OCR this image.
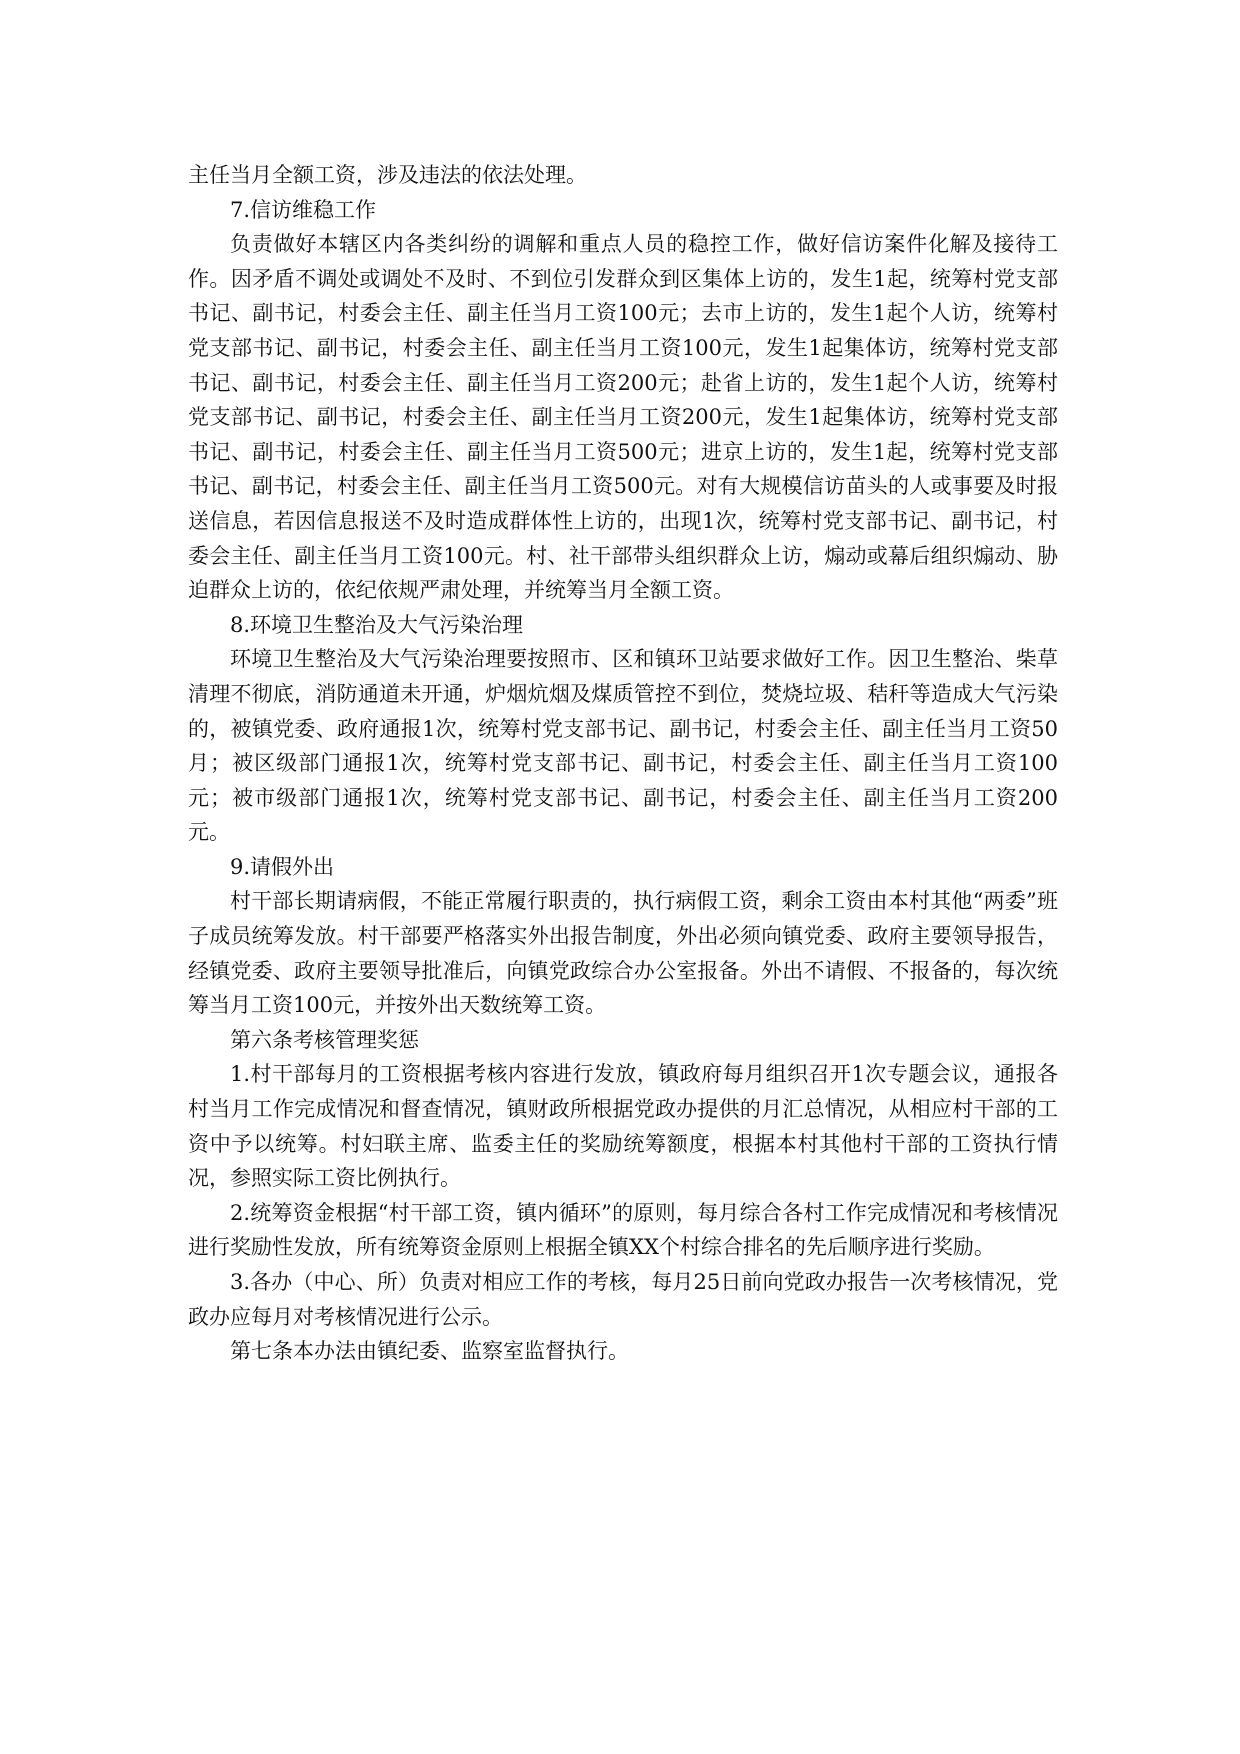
主任当月全额工资，涉及违法的依法处理。

7.信访维稳工作

负责做好本辖区内各类纠纷的调解和重点人员的稳控工作，做好信访案件化解及接待工作。因矛盾不调处或调处不及时、不到位引发群众到区集体上访的，发生1起，统筹村党支部书记、副书记，村委会主任、副主任当月工资100元；去市上访的，发生1起个人访，统筹村党支部书记、副书记，村委会主任、副主任当月工资100元，发生1起集体访，统筹村党支部书记、副书记，村委会主任、副主任当月工资200元；赴省上访的，发生1起个人访，统筹村党支部书记、副书记，村委会主任、副主任当月工资200元，发生1起集体访，统筹村党支部书记、副书记，村委会主任、副主任当月工资500元；进京上访的，发生1起，统筹村党支部书记、副书记，村委会主任、副主任当月工资500元。对有大规模信访苗头的人或事要及时报送信息，若因信息报送不及时造成群体性上访的，出现1次，统筹村党支部书记、副书记，村委会主任、副主任当月工资100元。村、社干部带头组织群众上访，煽动或幕后组织煽动、胁迫群众上访的，依纪依规严肃处理，并统筹当月全额工资。

8.环境卫生整治及大气污染治理

环境卫生整治及大气污染治理要按照市、区和镇环卫站要求做好工作。因卫生整治、柴草清理不彻底，消防通道未开通，炉烟炕烟及煤质管控不到位，焚烧垃圾、秸秆等造成大气污染的，被镇党委、政府通报1次，统筹村党支部书记、副书记，村委会主任、副主任当月工资50月；被区级部门通报1次，统筹村党支部书记、副书记，村委会主任、副主任当月工资100元；被市级部门通报1次，统筹村党支部书记、副书记，村委会主任、副主任当月工资200元。

9.请假外出

村干部长期请病假，不能正常履行职责的，执行病假工资，剩余工资由本村其他“两委”班子成员统筹发放。村干部要严格落实外出报告制度，外出必须向镇党委、政府主要领导报告，经镇党委、政府主要领导批准后，向镇党政综合办公室报备。外出不请假、不报备的，每次统筹当月工资100元，并按外出天数统筹工资。

第六条考核管理奖惩

1.村干部每月的工资根据考核内容进行发放，镇政府每月组织召开1次专题会议，通报各村当月工作完成情况和督查情况，镇财政所根据党政办提供的月汇总情况，从相应村干部的工资中予以统筹。村妇联主席、监委主任的奖励统筹额度，根据本村其他村干部的工资执行情况，参照实际工资比例执行。

2.统筹资金根据“村干部工资，镇内循环”的原则，每月综合各村工作完成情况和考核情况进行奖励性发放，所有统筹资金原则上根据全镇XX个村综合排名的先后顺序进行奖励。

3.各办（中心、所）负责对相应工作的考核，每月25日前向党政办报告一次考核情况，党政办应每月对考核情况进行公示。

第七条本办法由镇纪委、监察室监督执行。
